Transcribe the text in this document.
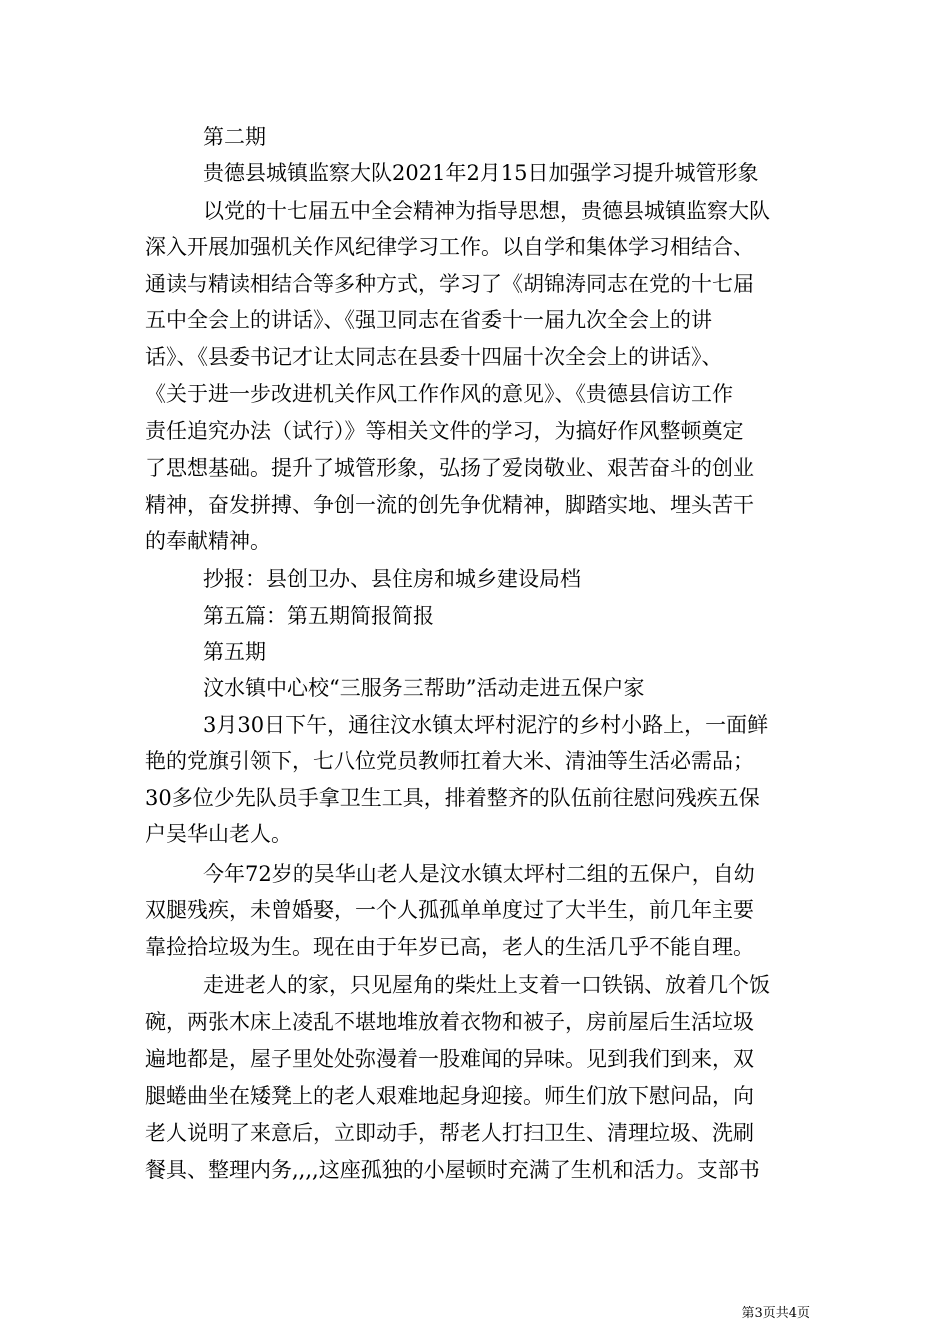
第二期
贵德县城镇监察大队2021年2月15日加强学习提升城管形象
以党的十七届五中全会精神为指导思想，贵德县城镇监察大队
深入开展加强机关作风纪律学习工作。以自学和集体学习相结合、
通读与精读相结合等多种方式，学习了《胡锦涛同志在党的十七届
五中全会上的讲话》、《强卫同志在省委十一届九次全会上的讲
话》、《县委书记才让太同志在县委十四届十次全会上的讲话》、
《关于进一步改进机关作风工作作风的意见》、《贵德县信访工作
责任追究办法（试行）》等相关文件的学习，为搞好作风整顿奠定
了思想基础。提升了城管形象，弘扬了爱岗敬业、艰苦奋斗的创业
精神，奋发拼搏、争创一流的创先争优精神，脚踏实地、埋头苦干
的奉献精神。
抄报：县创卫办、县住房和城乡建设局档
第五篇：第五期简报简报
第五期
汶水镇中心校“三服务三帮助”活动走进五保户家
3月30日下午，通往汶水镇太坪村泥泞的乡村小路上，一面鲜
艳的党旗引领下，七八位党员教师扛着大米、清油等生活必需品；
30多位少先队员手拿卫生工具，排着整齐的队伍前往慰问残疾五保
户吴华山老人。
今年72岁的吴华山老人是汶水镇太坪村二组的五保户，自幼
双腿残疾，未曾婚娶，一个人孤孤单单度过了大半生，前几年主要
靠捡拾垃圾为生。现在由于年岁已高，老人的生活几乎不能自理。
走进老人的家，只见屋角的柴灶上支着一口铁锅、放着几个饭
碗，两张木床上凌乱不堪地堆放着衣物和被子，房前屋后生活垃圾
遍地都是，屋子里处处弥漫着一股难闻的异味。见到我们到来，双
腿蜷曲坐在矮凳上的老人艰难地起身迎接。师生们放下慰问品，向
老人说明了来意后，立即动手，帮老人打扫卫生、清理垃圾、洗刷
餐具、整理内务,,,,这座孤独的小屋顿时充满了生机和活力。支部书
第3页共4页
